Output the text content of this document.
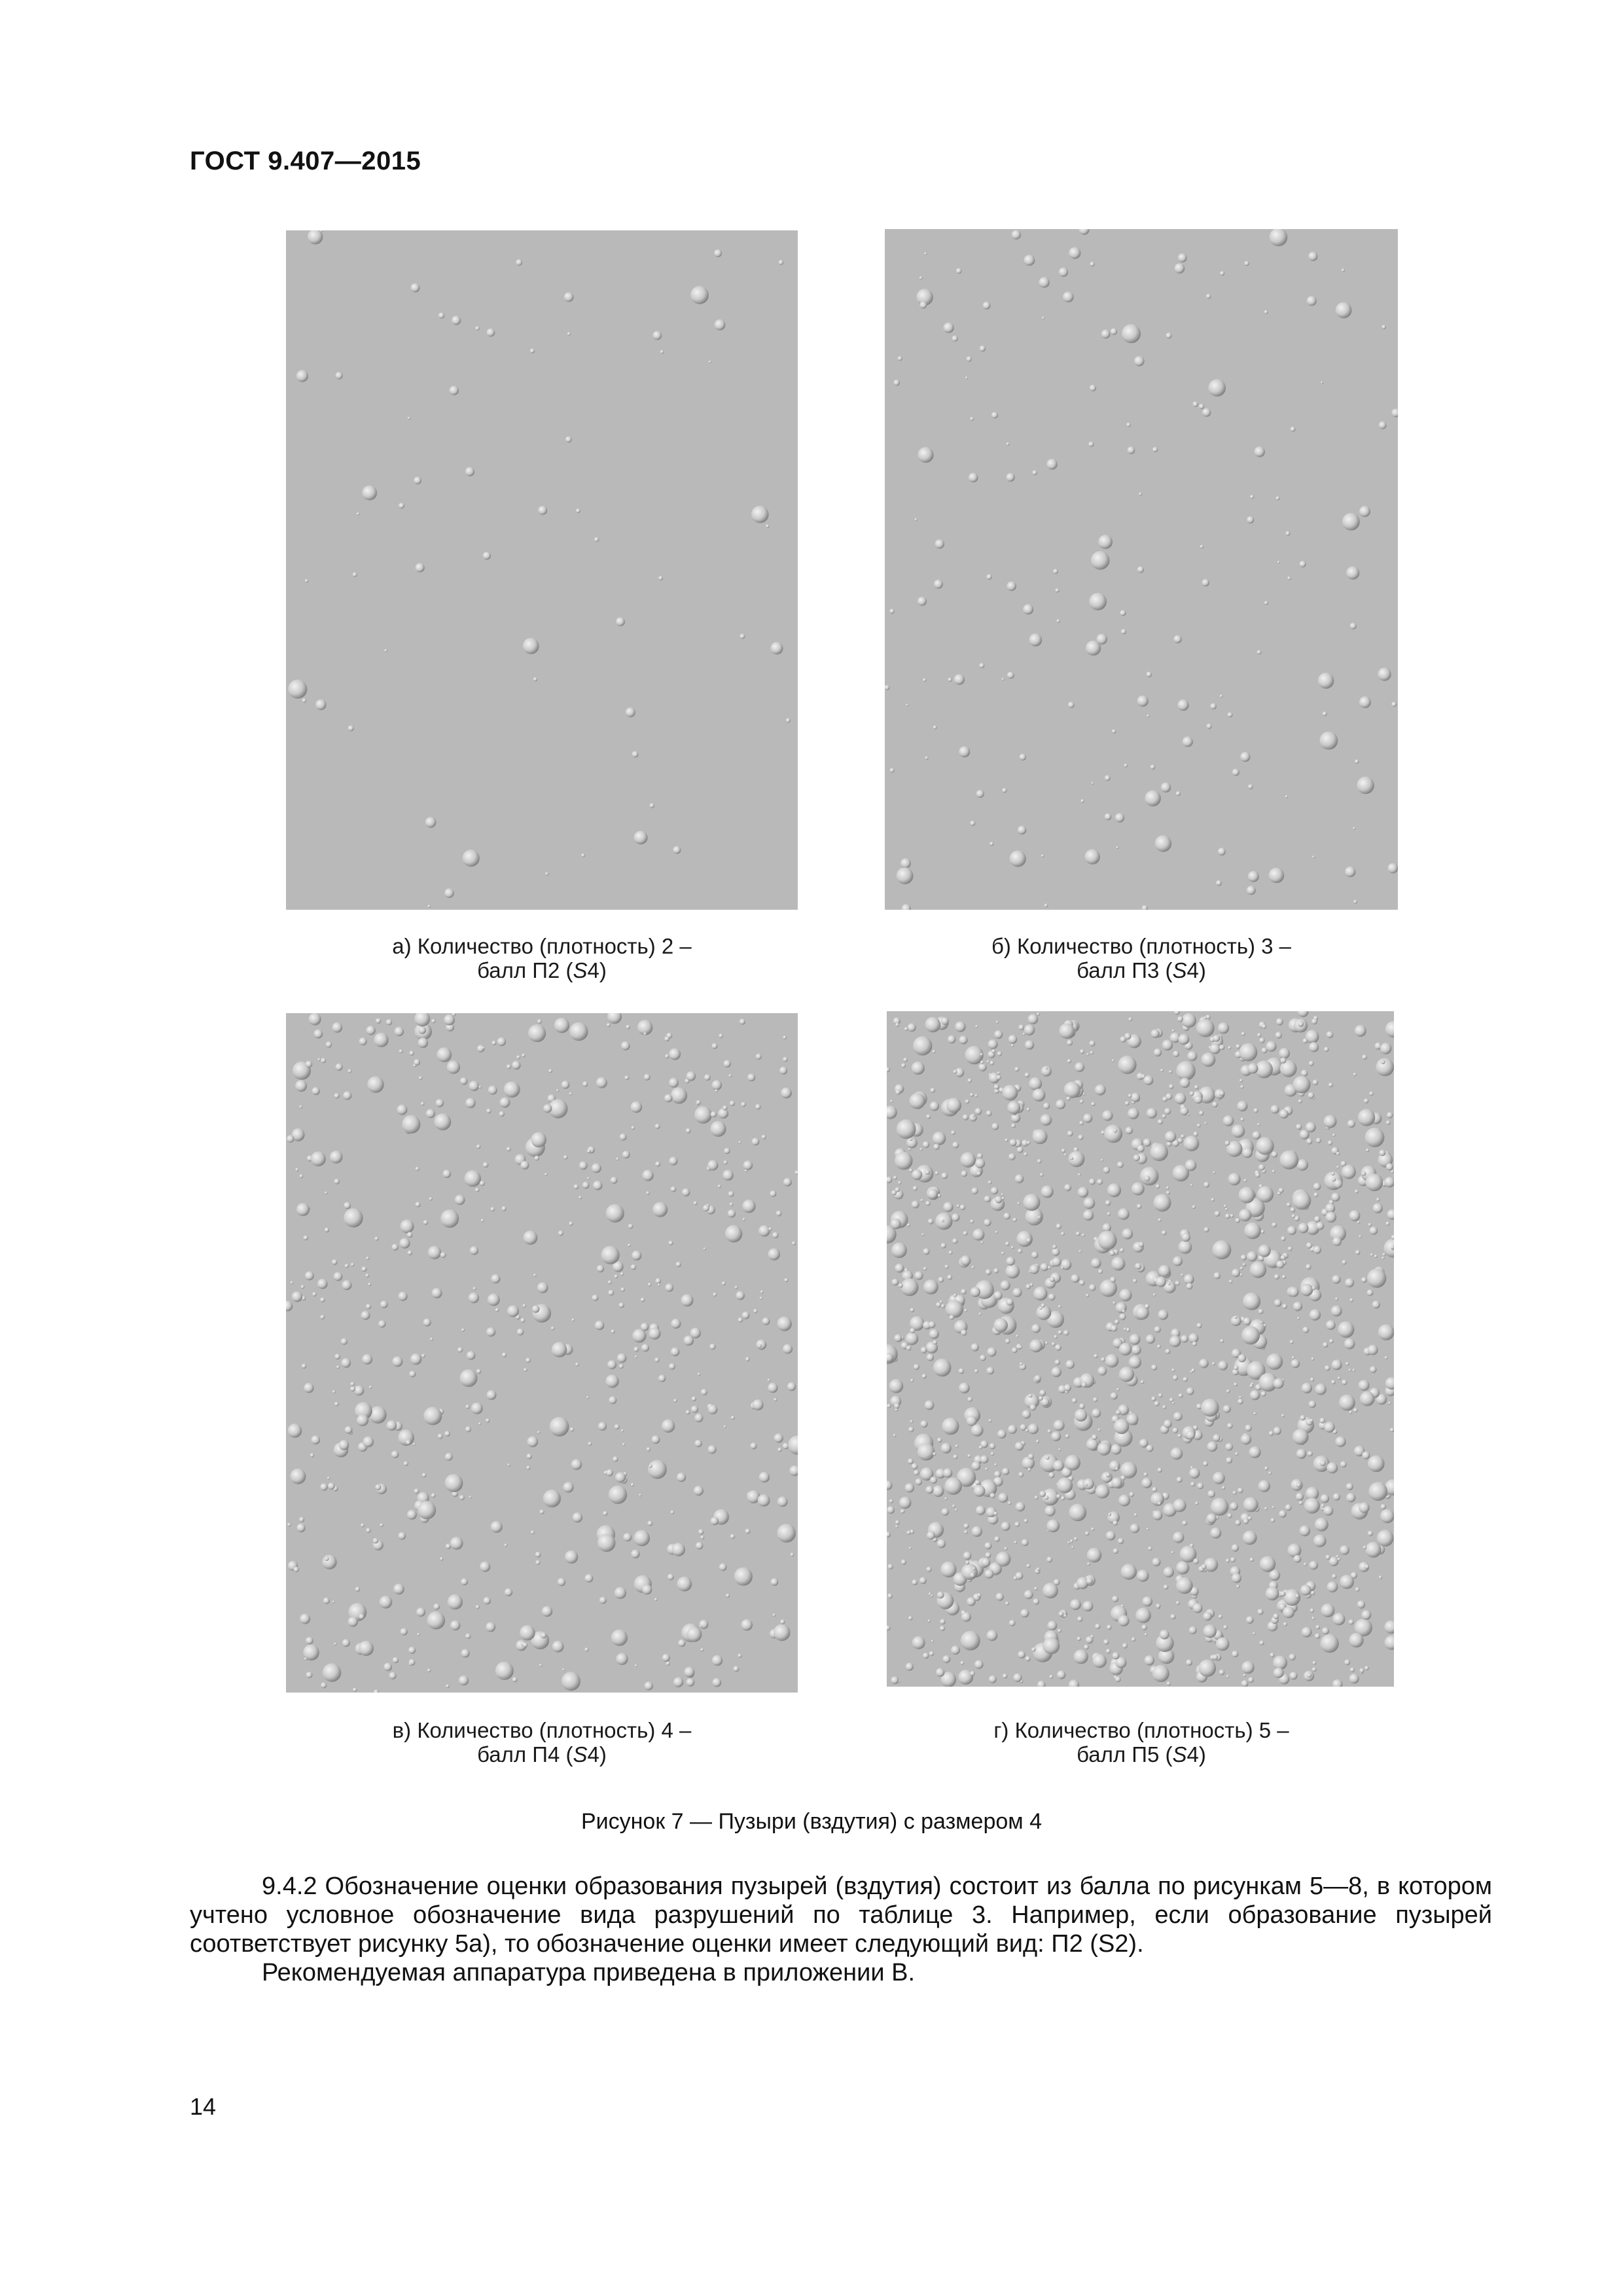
ГОСТ 9.407—2015
а) Количество (плотность) 2 –
балл П2 (S4)
б) Количество (плотность) 3 –
балл П3 (S4)
в) Количество (плотность) 4 –
балл П4 (S4)
г) Количество (плотность) 5 –
балл П5 (S4)
Рисунок 7 — Пузыри (вздутия) с размером 4
9.4.2 Обозначение оценки образования пузырей (вздутия) состоит из балла по рисункам 5—8, в котором учтено условное обозначение вида разрушений по таблице 3. Например, если образование пузырей соответствует рисунку 5а), то обозначение оценки имеет следующий вид: П2 (S2).
Рекомендуемая аппаратура приведена в приложении В.
14
